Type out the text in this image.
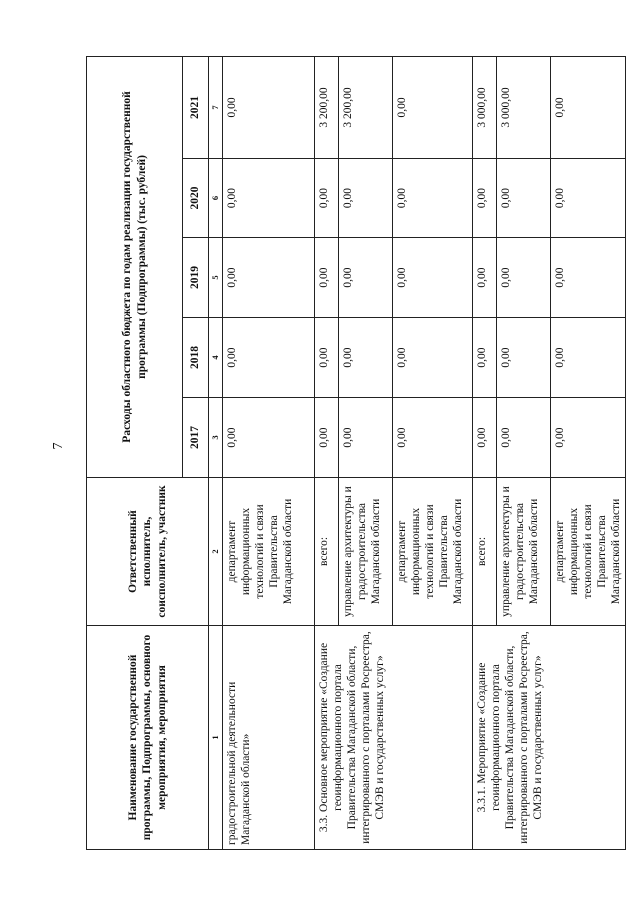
7
Наименование государственной программы, Подпрограммы, основного мероприятия, мероприятия	Ответственный исполнитель, соисполнитель, участник	Расходы областного бюджета по годам реализации государственной программы (Подпрограммы) (тыс. рублей)				
		2017	2018	2019	2020	2021
1	2	3	4	5	6	7
градостроительной деятельности Магаданской области»	департамент информационных технологий и связи Правительства Магаданской области	0,00	0,00	0,00	0,00	0,00
3.3. Основное мероприятие «Создание геоинформационного портала Правительства Магаданской области, интегрированного с порталами Росреестра, СМЭВ и государственных услуг»	всего:	0,00	0,00	0,00	0,00	3 200,00
	управление архитектуры и градостроительства Магаданской области	0,00	0,00	0,00	0,00	3 200,00
	департамент информационных технологий и связи Правительства Магаданской области	0,00	0,00	0,00	0,00	0,00
3.3.1. Мероприятие «Создание геоинформационного портала Правительства Магаданской области, интегрированного с порталами Росреестра, СМЭВ и государственных услуг»	всего:	0,00	0,00	0,00	0,00	3 000,00
	управление архитектуры и градостроительства Магаданской области	0,00	0,00	0,00	0,00	3 000,00
	департамент информационных технологий и связи Правительства Магаданской области	0,00	0,00	0,00	0,00	0,00
